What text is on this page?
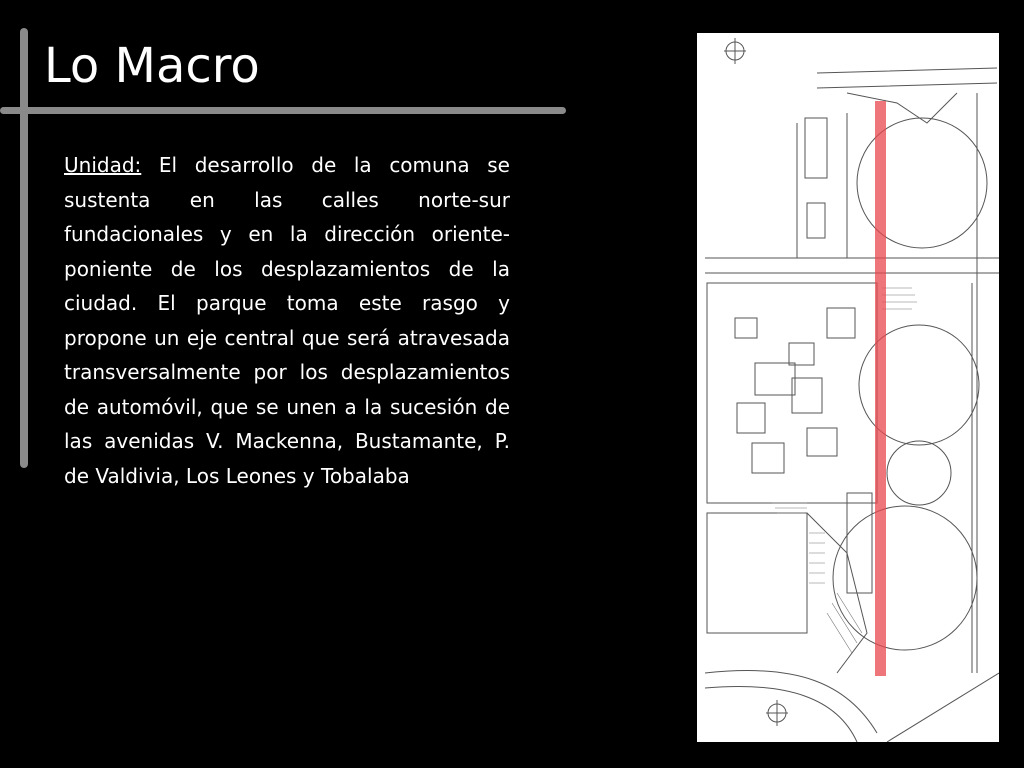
Lo Macro

Unidad: El desarrollo de la comuna se sustenta en las calles norte-sur fundacionales y en la dirección oriente-poniente de los desplazamientos de la ciudad. El parque toma este rasgo y propone un eje central que será atravesada transversalmente por los desplazamientos de automóvil, que se unen a la sucesión de las avenidas V. Mackenna, Bustamante, P. de Valdivia, Los Leones y Tobalaba
